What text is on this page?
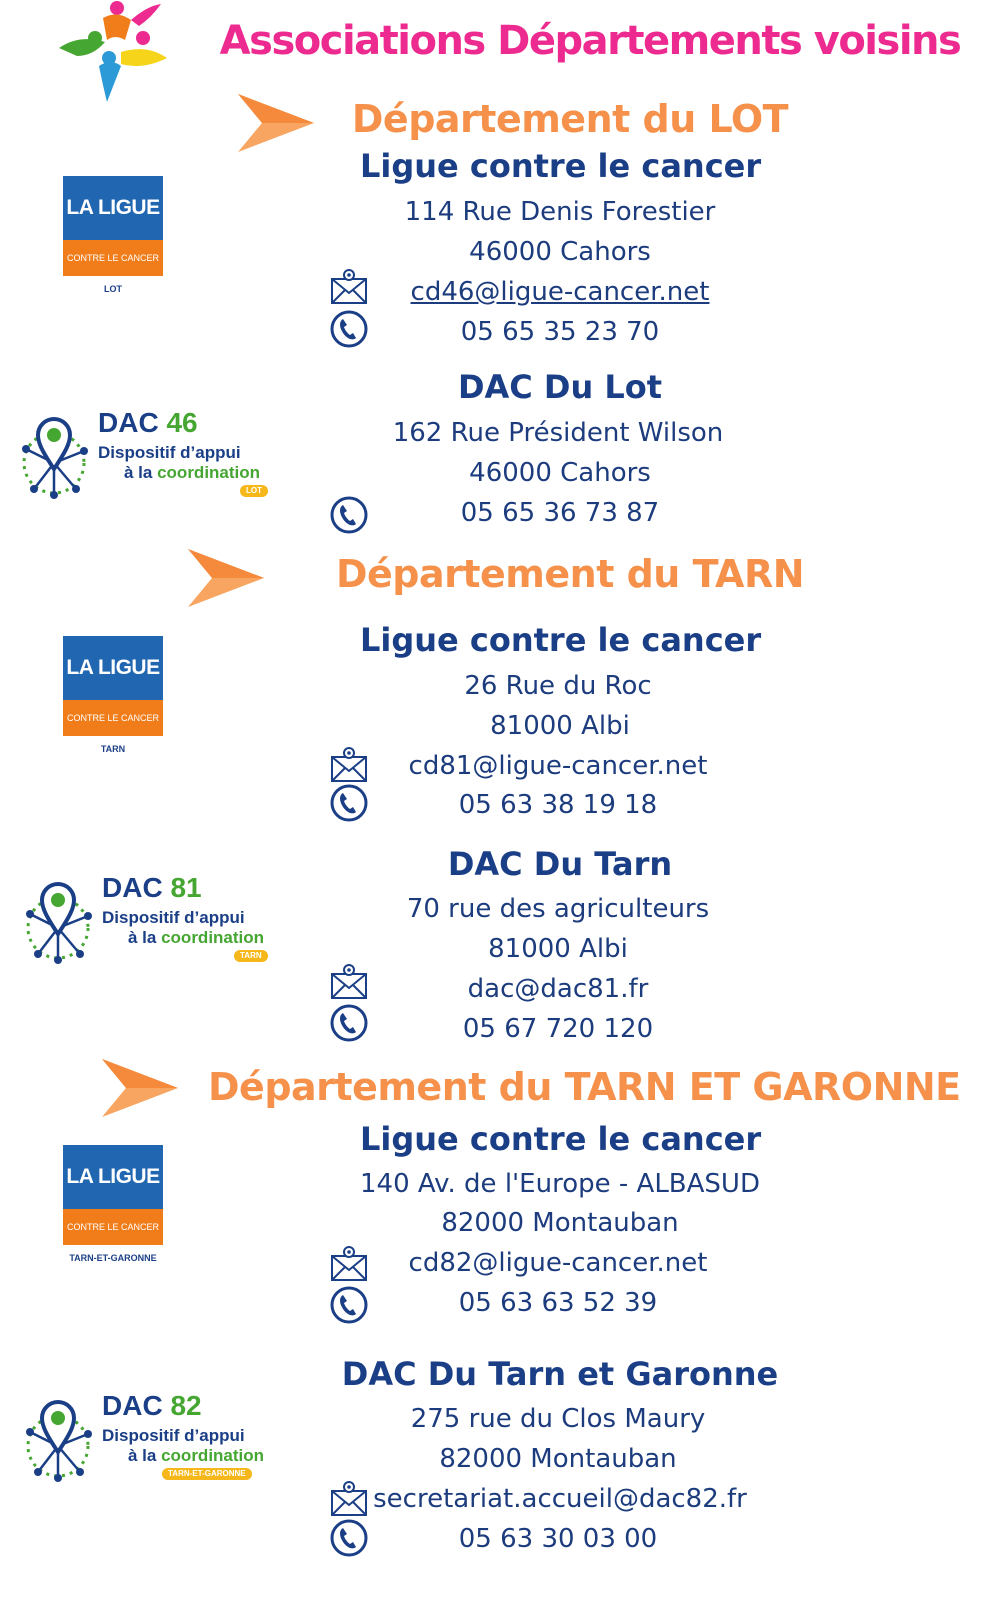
Associations Départements voisins
Département du LOT
LA LIGUE
CONTRE LE CANCER
LOT
Ligue contre le cancer
114 Rue Denis Forestier
46000 Cahors
cd46@ligue-cancer.net
05 65 35 23 70
DAC 46
Dispositif d’appui
à la coordination
LOT
DAC Du Lot
162 Rue Président Wilson
46000 Cahors
05 65 36 73 87
Département du TARN
LA LIGUE
CONTRE LE CANCER
TARN
Ligue contre le cancer
26 Rue du Roc
81000 Albi
cd81@ligue-cancer.net
05 63 38 19 18
DAC 81
Dispositif d’appui
à la coordination
TARN
DAC Du Tarn
70 rue des agriculteurs
81000 Albi
dac@dac81.fr
05 67 720 120
Département du TARN ET GARONNE
LA LIGUE
CONTRE LE CANCER
TARN-ET-GARONNE
Ligue contre le cancer
140 Av. de l'Europe - ALBASUD
82000 Montauban
cd82@ligue-cancer.net
05 63 63 52 39
DAC 82
Dispositif d’appui
à la coordination
TARN-ET-GARONNE
DAC Du Tarn et Garonne
275 rue du Clos Maury
82000 Montauban
secretariat.accueil@dac82.fr
05 63 30 03 00
